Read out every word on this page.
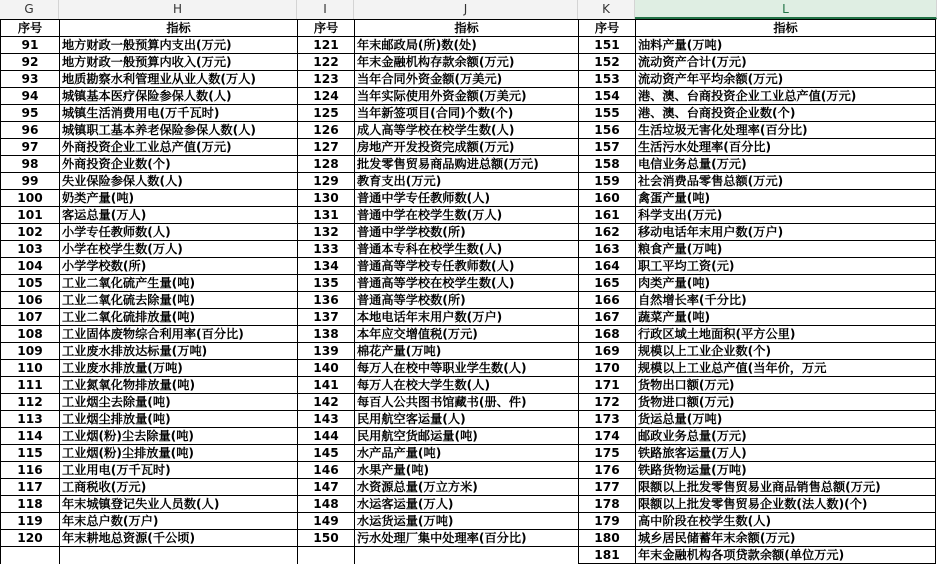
G	H	I	J	K	L
序号	指标	序号	指标	序号	指标
91	地方财政一般预算内支出(万元)	121	年末邮政局(所)数(处)	151	油料产量(万吨)
92	地方财政一般预算内收入(万元)	122	年末金融机构存款余额(万元)	152	流动资产合计(万元)
93	地质勘察水利管理业从业人数(万人)	123	当年合同外资金额(万美元)	153	流动资产年平均余额(万元)
94	城镇基本医疗保险参保人数(人)	124	当年实际使用外资金额(万美元)	154	港、澳、台商投资企业工业总产值(万元)
95	城镇生活消费用电(万千瓦时)	125	当年新签项目(合同)个数(个)	155	港、澳、台商投资企业数(个)
96	城镇职工基本养老保险参保人数(人)	126	成人高等学校在校学生数(人)	156	生活垃圾无害化处理率(百分比)
97	外商投资企业工业总产值(万元)	127	房地产开发投资完成额(万元)	157	生活污水处理率(百分比)
98	外商投资企业数(个)	128	批发零售贸易商品购进总额(万元)	158	电信业务总量(万元)
99	失业保险参保人数(人)	129	教育支出(万元)	159	社会消费品零售总额(万元)
100	奶类产量(吨)	130	普通中学专任教师数(人)	160	禽蛋产量(吨)
101	客运总量(万人)	131	普通中学在校学生数(万人)	161	科学支出(万元)
102	小学专任教师数(人)	132	普通中学学校数(所)	162	移动电话年末用户数(万户)
103	小学在校学生数(万人)	133	普通本专科在校学生数(人)	163	粮食产量(万吨)
104	小学学校数(所)	134	普通高等学校专任教师数(人)	164	职工平均工资(元)
105	工业二氧化硫产生量(吨)	135	普通高等学校在校学生数(人)	165	肉类产量(吨)
106	工业二氧化硫去除量(吨)	136	普通高等学校数(所)	166	自然增长率(千分比)
107	工业二氧化硫排放量(吨)	137	本地电话年末用户数(万户)	167	蔬菜产量(吨)
108	工业固体废物综合利用率(百分比)	138	本年应交增值税(万元)	168	行政区域土地面积(平方公里)
109	工业废水排放达标量(万吨)	139	棉花产量(万吨)	169	规模以上工业企业数(个)
110	工业废水排放量(万吨)	140	每万人在校中等职业学生数(人)	170	规模以上工业总产值(当年价，万元
111	工业氮氧化物排放量(吨)	141	每万人在校大学生数(人)	171	货物出口额(万元)
112	工业烟尘去除量(吨)	142	每百人公共图书馆藏书(册、件)	172	货物进口额(万元)
113	工业烟尘排放量(吨)	143	民用航空客运量(人)	173	货运总量(万吨)
114	工业烟(粉)尘去除量(吨)	144	民用航空货邮运量(吨)	174	邮政业务总量(万元)
115	工业烟(粉)尘排放量(吨)	145	水产品产量(吨)	175	铁路旅客运量(万人)
116	工业用电(万千瓦时)	146	水果产量(吨)	176	铁路货物运量(万吨)
117	工商税收(万元)	147	水资源总量(万立方米)	177	限额以上批发零售贸易业商品销售总额(万元)
118	年末城镇登记失业人员数(人)	148	水运客运量(万人)	178	限额以上批发零售贸易企业数(法人数)(个)
119	年末总户数(万户)	149	水运货运量(万吨)	179	高中阶段在校学生数(人)
120	年末耕地总资源(千公顷)	150	污水处理厂集中处理率(百分比)	180	城乡居民储蓄年末余额(万元)
				181	年末金融机构各项贷款余额(单位万元)
